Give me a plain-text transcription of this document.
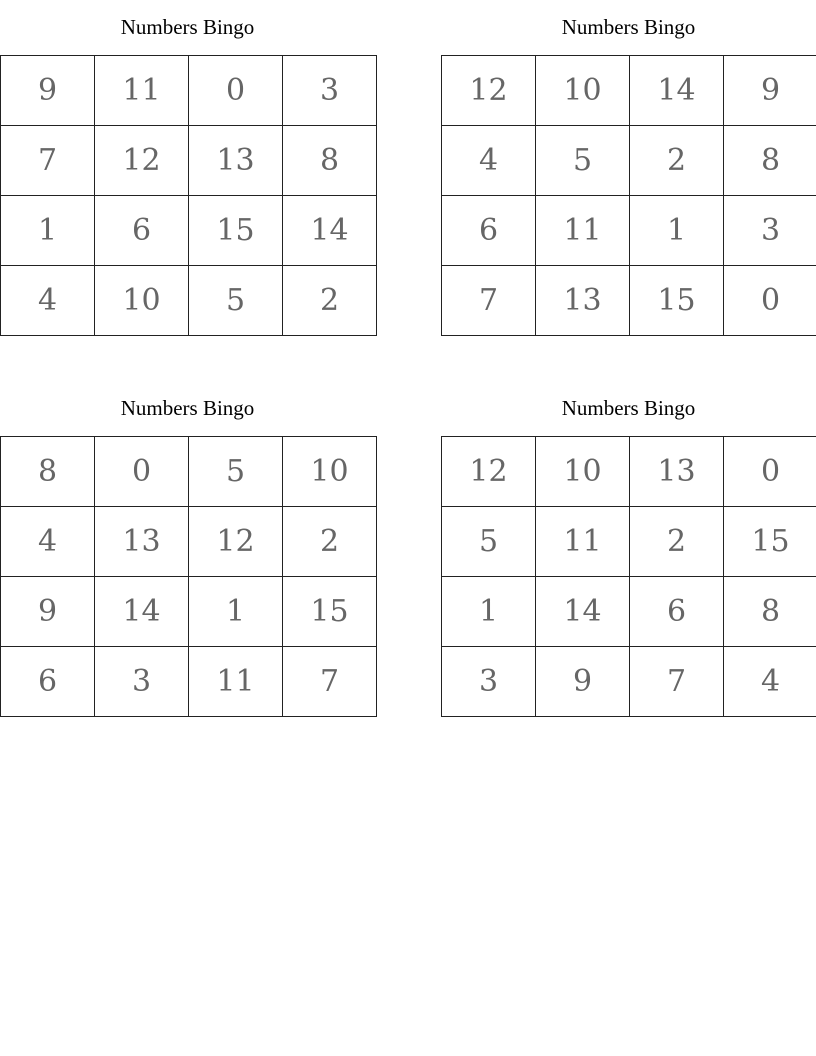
Numbers Bingo
9	11	0	3
7	12	13	8
1	6	15	14
4	10	5	2
Numbers Bingo
12	10	14	9
4	5	2	8
6	11	1	3
7	13	15	0
Numbers Bingo
8	0	5	10
4	13	12	2
9	14	1	15
6	3	11	7
Numbers Bingo
12	10	13	0
5	11	2	15
1	14	6	8
3	9	7	4
